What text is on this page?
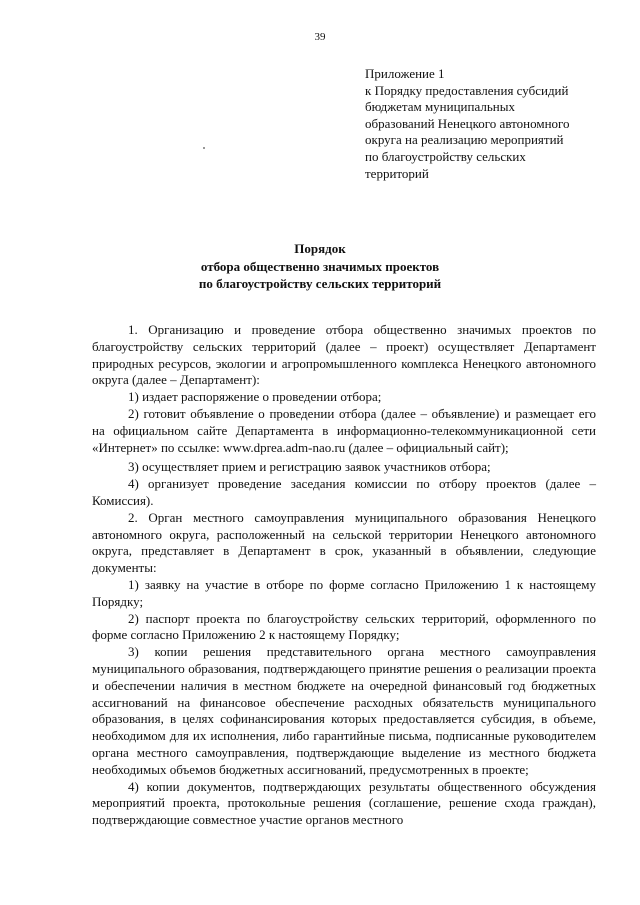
39
Приложение 1
к Порядку предоставления субсидий
бюджетам муниципальных
образований Ненецкого автономного
округа на реализацию мероприятий
по благоустройству сельских
территорий
Порядок
отбора общественно значимых проектов
по благоустройству сельских территорий

1. Организацию и проведение отбора общественно значимых проектов по благоустройству сельских территорий (далее – проект) осуществляет Департамент природных ресурсов, экологии и агропромышленного комплекса Ненецкого автономного округа (далее – Департамент):

1) издает распоряжение о проведении отбора;

2) готовит объявление о проведении отбора (далее – объявление) и размещает его на официальном сайте Департамента в информационно-телекоммуникационной сети «Интернет» по ссылке: www.dprea.adm-nao.ru (далее – официальный сайт);

3) осуществляет прием и регистрацию заявок участников отбора;

4) организует проведение заседания комиссии по отбору проектов (далее – Комиссия).

2. Орган местного самоуправления муниципального образования Ненецкого автономного округа, расположенный на сельской территории Ненецкого автономного округа, представляет в Департамент в срок, указанный в объявлении, следующие документы:

1) заявку на участие в отборе по форме согласно Приложению 1 к настоящему Порядку;

2) паспорт проекта по благоустройству сельских территорий, оформленного по форме согласно Приложению 2 к настоящему Порядку;

3) копии решения представительного органа местного самоуправления муниципального образования, подтверждающего принятие решения о реализации проекта и обеспечении наличия в местном бюджете на очередной финансовый год бюджетных ассигнований на финансовое обеспечение расходных обязательств муниципального образования, в целях софинансирования которых предоставляется субсидия, в объеме, необходимом для их исполнения, либо гарантийные письма, подписанные руководителем органа местного самоуправления, подтверждающие выделение из местного бюджета необходимых объемов бюджетных ассигнований, предусмотренных в проекте;

4) копии документов, подтверждающих результаты общественного обсуждения мероприятий проекта, протокольные решения (соглашение, решение схода граждан), подтверждающие совместное участие органов местного
